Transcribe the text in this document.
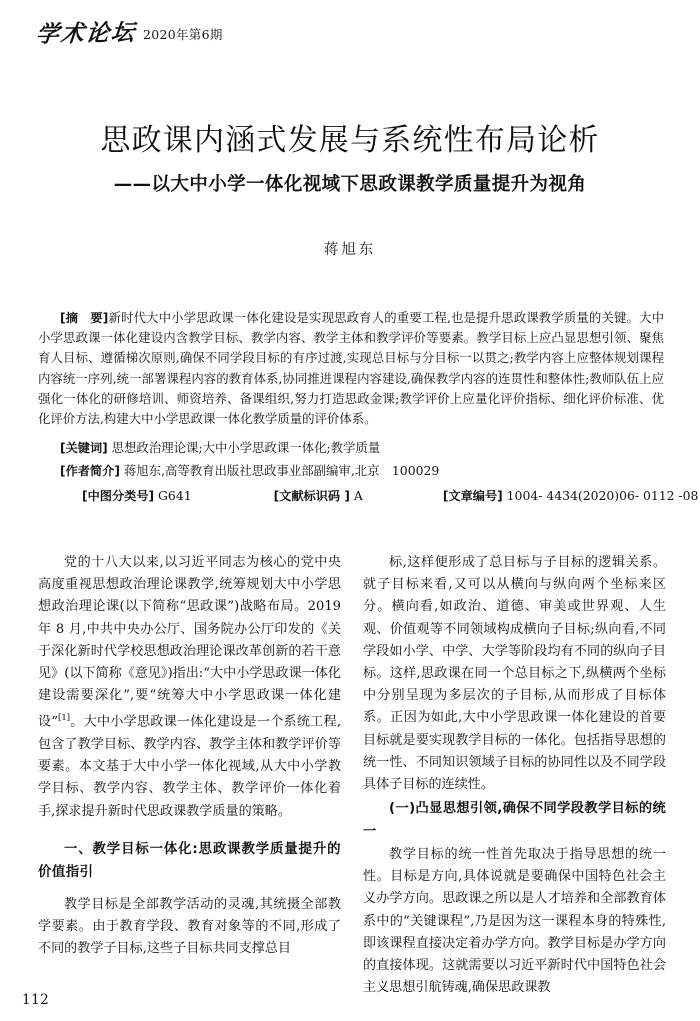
学术论坛 2020年第6期
思政课内涵式发展与系统性布局论析
——以大中小学一体化视域下思政课教学质量提升为视角
蒋旭东

[摘　要]新时代大中小学思政课一体化建设是实现思政育人的重要工程,也是提升思政课教学质量的关键。大中小学思政课一体化建设内含教学目标、教学内容、教学主体和教学评价等要素。教学目标上应凸显思想引领、聚焦育人目标、遵循梯次原则,确保不同学段目标的有序过渡,实现总目标与分目标一以贯之;教学内容上应整体规划课程内容统一序列,统一部署课程内容的教育体系,协同推进课程内容建设,确保教学内容的连贯性和整体性;教师队伍上应强化一体化的研修培训、师资培养、备课组织,努力打造思政金课;教学评价上应量化评价指标、细化评价标准、优化评价方法,构建大中小学思政课一体化教学质量的评价体系。

[关键词] 思想政治理论课;大中小学思政课一体化;教学质量
[作者简介] 蒋旭东,高等教育出版社思政事业部副编审,北京　100029
[中图分类号] G641	[文献标识码 ] A	[文章编号] 1004- 4434(2020)06- 0112 -08

党的十八大以来,以习近平同志为核心的党中央高度重视思想政治理论课教学,统筹规划大中小学思想政治理论课(以下简称“思政课”)战略布局。2019 年 8 月,中共中央办公厅、国务院办公厅印发的《关于深化新时代学校思想政治理论课改革创新的若干意见》(以下简称《意见》)指出:“大中小学思政课一体化建设需要深化”,要“统筹大中小学思政课一体化建设”[1]。大中小学思政课一体化建设是一个系统工程,包含了教学目标、教学内容、教学主体和教学评价等要素。本文基于大中小学一体化视域,从大中小学教学目标、教学内容、教学主体、教学评价一体化着手,探求提升新时代思政课教学质量的策略。

一、教学目标一体化:思政课教学质量提升的价值指引

教学目标是全部教学活动的灵魂,其统摄全部教学要素。由于教育学段、教育对象等的不同,形成了不同的教学子目标,这些子目标共同支撑总目

标,这样便形成了总目标与子目标的逻辑关系。就子目标来看,又可以从横向与纵向两个坐标来区分。横向看,如政治、道德、审美或世界观、人生观、价值观等不同领域构成横向子目标;纵向看,不同学段如小学、中学、大学等阶段均有不同的纵向子目标。这样,思政课在同一个总目标之下,纵横两个坐标中分别呈现为多层次的子目标,从而形成了目标体系。正因为如此,大中小学思政课一体化建设的首要目标就是要实现教学目标的一体化。包括指导思想的统一性、不同知识领域子目标的协同性以及不同学段具体子目标的连续性。

(一)凸显思想引领,确保不同学段教学目标的统一

教学目标的统一性首先取决于指导思想的统一性。目标是方向,具体说就是要确保中国特色社会主义办学方向。思政课之所以是人才培养和全部教育体系中的“关键课程”,乃是因为这一课程本身的特殊性,即该课程直接决定着办学方向。教学目标是办学方向的直接体现。这就需要以习近平新时代中国特色社会主义思想引航铸魂,确保思政课教

112
